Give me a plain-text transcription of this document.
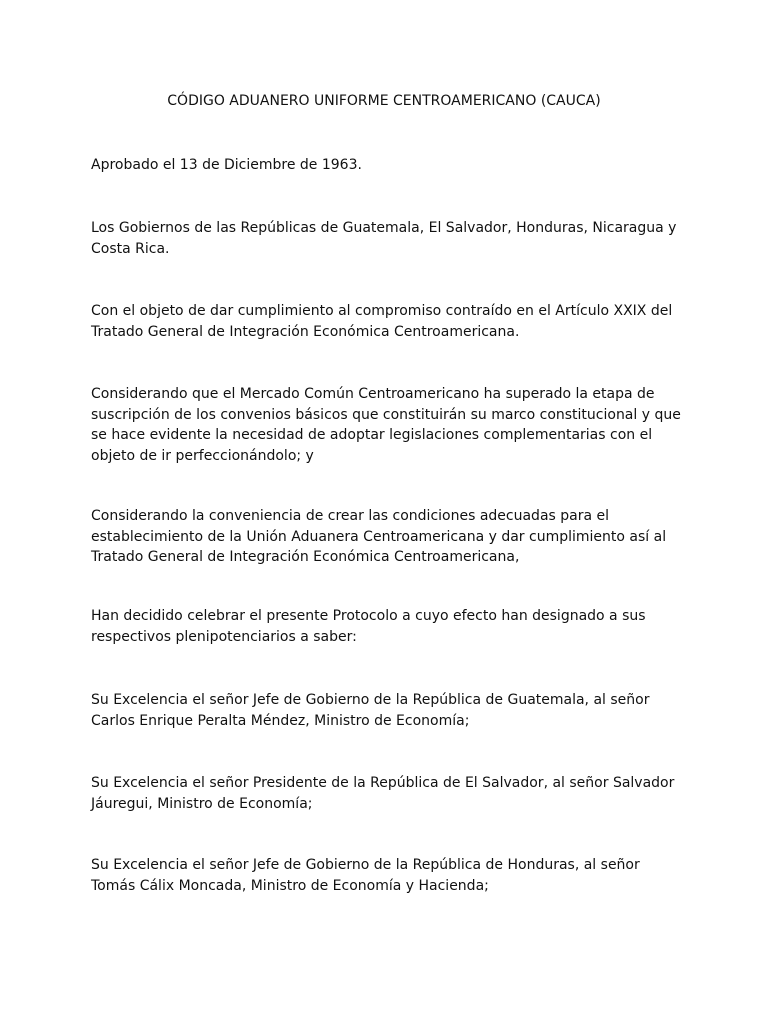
CÓDIGO ADUANERO UNIFORME CENTROAMERICANO (CAUCA)

Aprobado el 13 de Diciembre de 1963.

Los Gobiernos de las Repúblicas de Guatemala, El Salvador, Honduras, Nicaragua y Costa Rica.

Con el objeto de dar cumplimiento al compromiso contraído en el Artículo XXIX del Tratado General de Integración Económica Centroamericana.

Considerando que el Mercado Común Centroamericano ha superado la etapa de suscripción de los convenios básicos que constituirán su marco constitucional y que se hace evidente la necesidad de adoptar legislaciones complementarias con el objeto de ir perfeccionándolo; y

Considerando la conveniencia de crear las condiciones adecuadas para el establecimiento de la Unión Aduanera Centroamericana y dar cumplimiento así al Tratado General de Integración Económica Centroamericana,

Han decidido celebrar el presente Protocolo a cuyo efecto han designado a sus respectivos plenipotenciarios a saber:

Su Excelencia el señor Jefe de Gobierno de la República de Guatemala, al señor Carlos Enrique Peralta Méndez, Ministro de Economía;

Su Excelencia el señor Presidente de la República de El Salvador, al señor Salvador Jáuregui, Ministro de Economía;

Su Excelencia el señor Jefe de Gobierno de la República de Honduras, al señor Tomás Cálix Moncada, Ministro de Economía y Hacienda;
